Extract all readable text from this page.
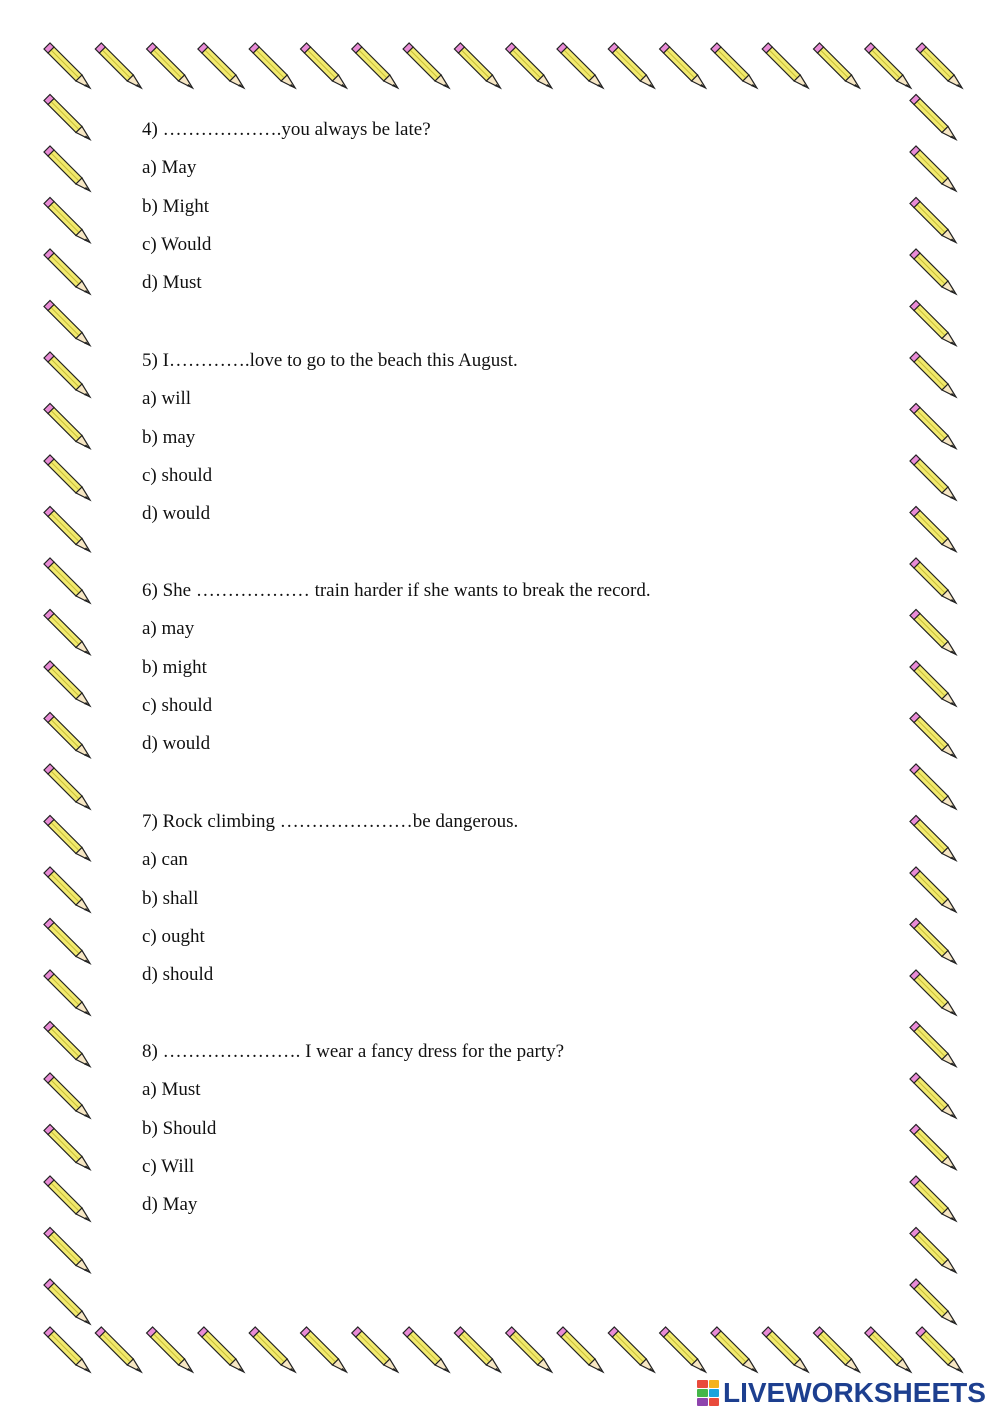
4) ……………….you always be late?
a) May
b) Might
c) Would
d) Must
5) I………….love to go to the beach this August.
a) will
b) may
c) should
d) would
6) She ……………… train harder if she wants to break the record.
a) may
b) might
c) should
d) would
7) Rock climbing …………………be dangerous.
a) can
b) shall
c) ought
d) should
8) …………………. I wear a fancy dress for the party?
a) Must
b) Should
c) Will
d) May
LIVEWORKSHEETS
